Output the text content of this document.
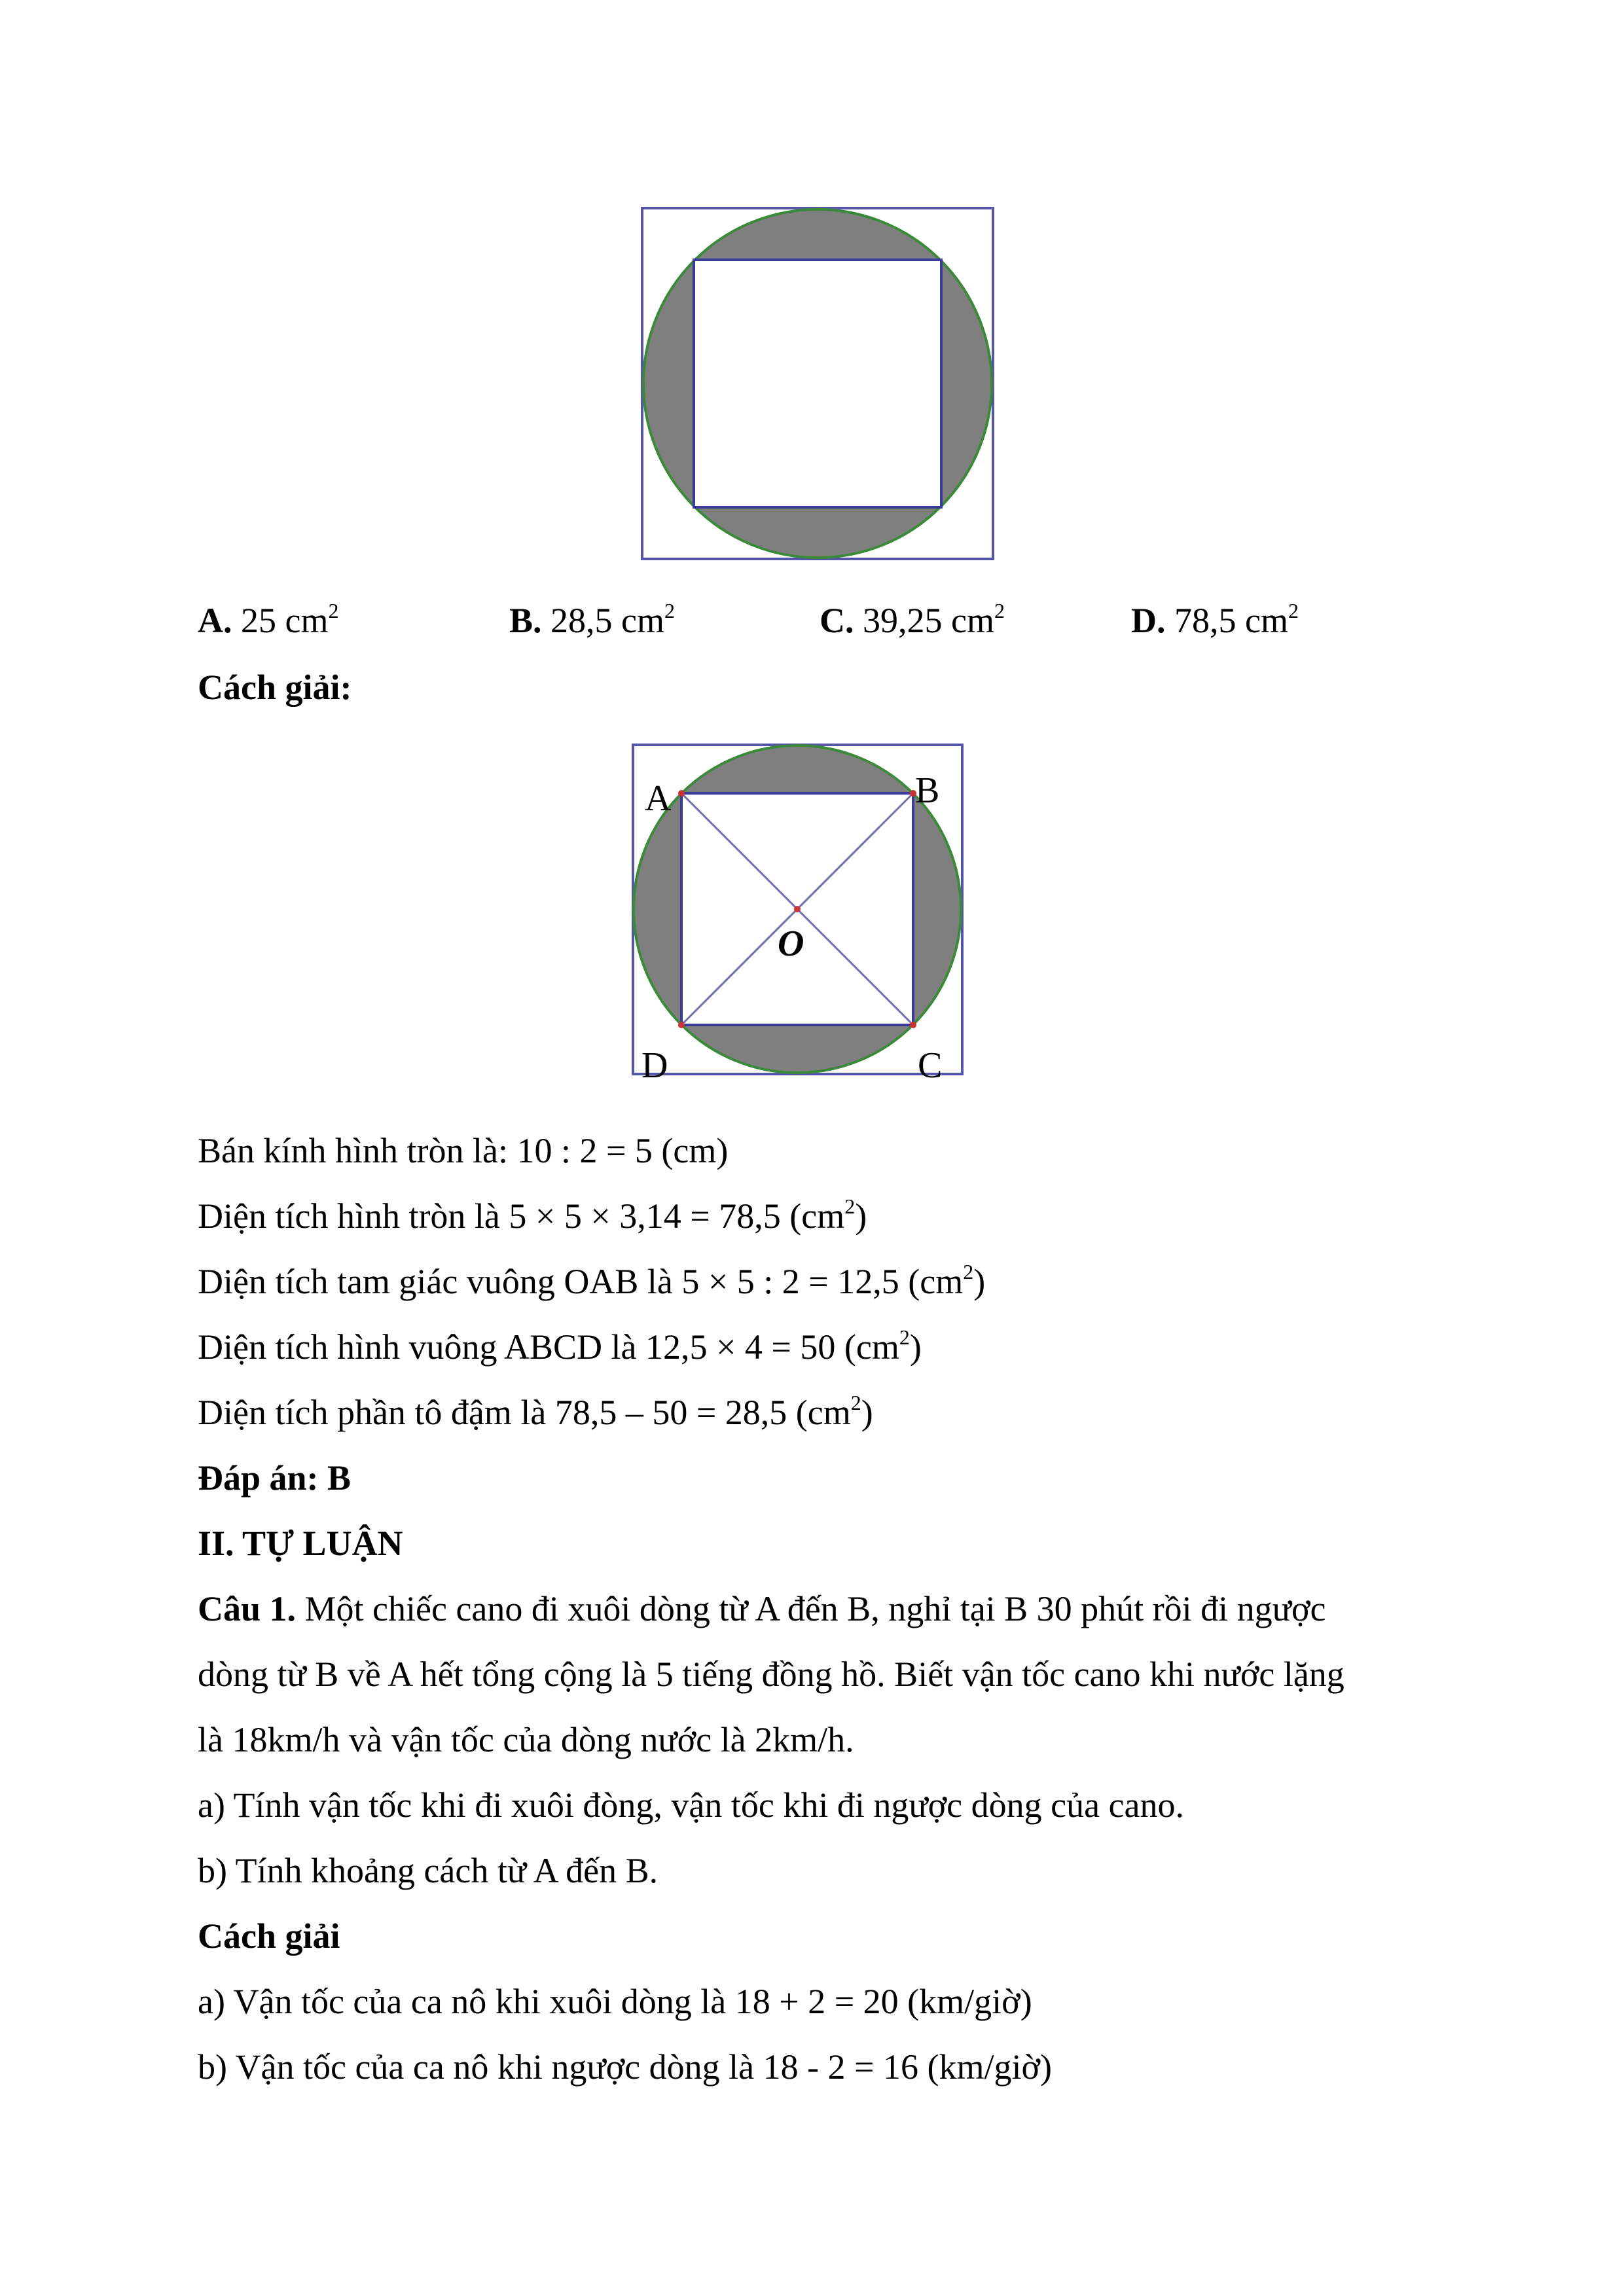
A. 25 $cm^2$	B. 28,5 $cm^2$	C. 39,25 $cm^2$	D. 78,5 $cm^2$
Cách giải:
A	B
C
D
O
Bán kính hình tròn là: 10 : 2 = 5 (cm)
Diện tích hình tròn là 5 × 5 × 3,14 = 78,5 $(cm^2)$
Diện tích tam giác vuông OAB là 5 × 5 : 2 = 12,5 $(cm^2)$
Diện tích hình vuông ABCD là 12,5 × 4 = 50 $(cm^2)$
Diện tích phần tô đậm là 78,5 – 50 = 28,5 $(cm^2)$
Đáp án: B
II. TỰ LUẬN
Câu 1. Một chiếc cano đi xuôi dòng từ A đến B, nghỉ tại B 30 phút rồi đi ngược
dòng từ B về A hết tổng cộng là 5 tiếng đồng hồ. Biết vận tốc cano khi nước lặng
là 18km/h và vận tốc của dòng nước là 2km/h.
a) Tính vận tốc khi đi xuôi đòng, vận tốc khi đi ngược dòng của cano.
b) Tính khoảng cách từ A đến B.
Cách giải
a) Vận tốc của ca nô khi xuôi dòng là 18 + 2 = 20 (km/giờ)
b) Vận tốc của ca nô khi ngược dòng là 18 - 2 = 16 (km/giờ)
